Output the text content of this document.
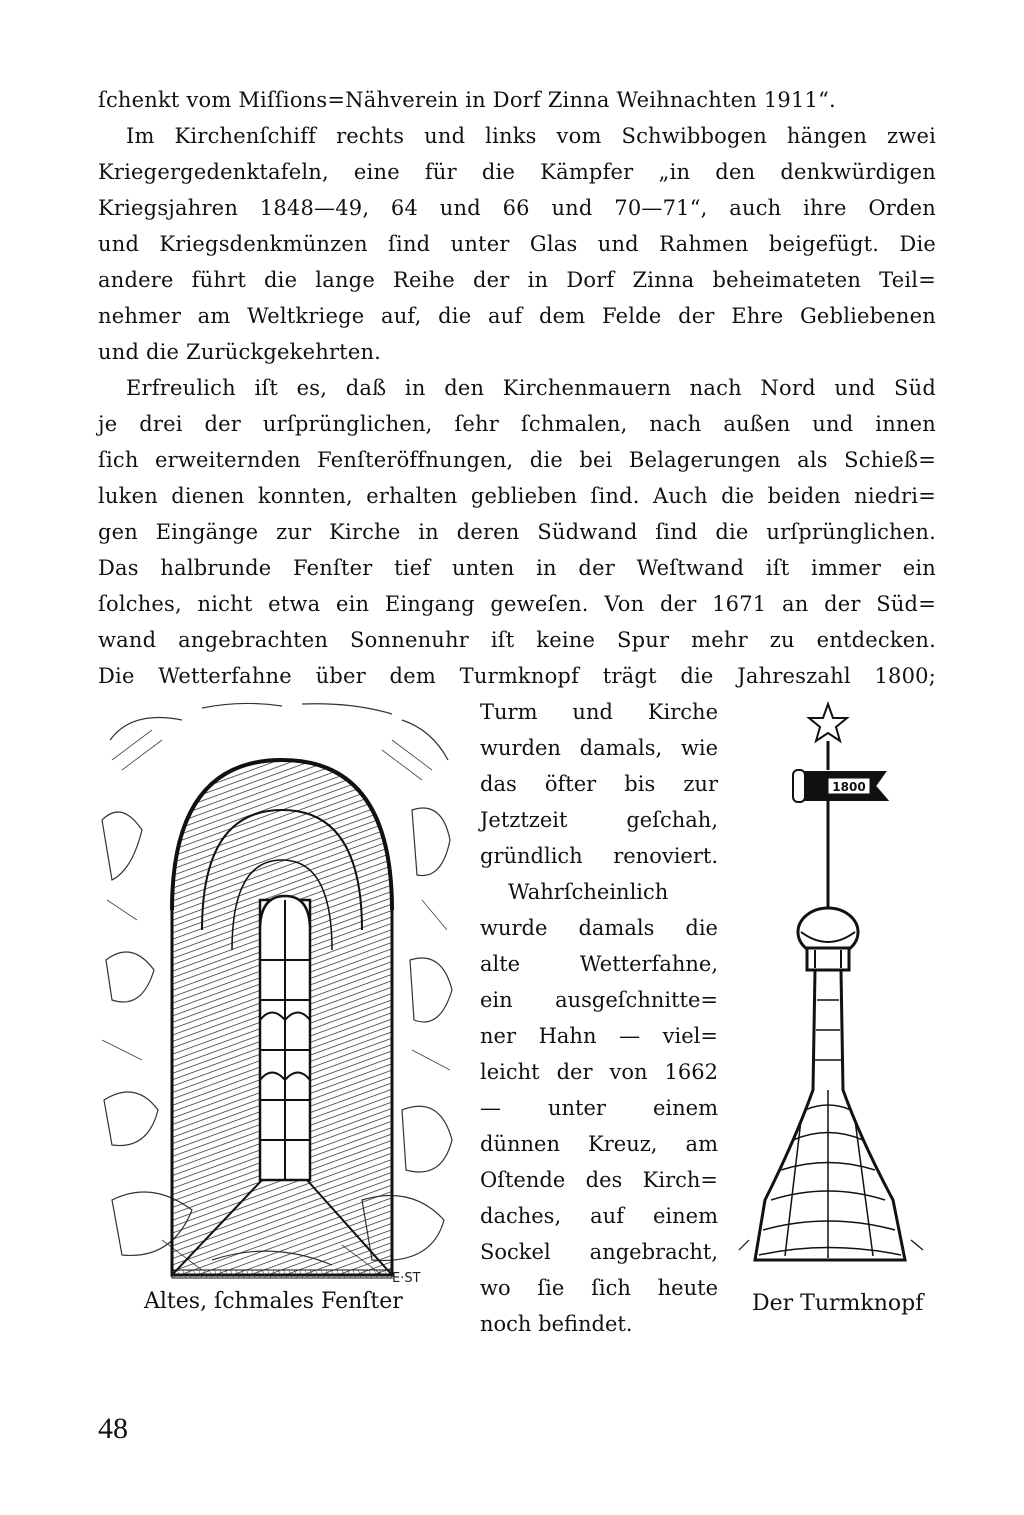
ſchenkt vom Miſſions=Nähverein in Dorf Zinna Weihnachten 1911“.
Im Kirchenſchiff rechts und links vom Schwibbogen hängen zwei
Kriegergedenktafeln, eine für die Kämpfer „in den denkwürdigen
Kriegsjahren 1848—49, 64 und 66 und 70—71“, auch ihre Orden
und Kriegsdenkmünzen ſind unter Glas und Rahmen beigefügt. Die
andere führt die lange Reihe der in Dorf Zinna beheimateten Teil=
nehmer am Weltkriege auf, die auf dem Felde der Ehre Gebliebenen
und die Zurückgekehrten.
Erfreulich iſt es, daß in den Kirchenmauern nach Nord und Süd
je drei der urſprünglichen, ſehr ſchmalen, nach außen und innen
ſich erweiternden Fenſteröffnungen, die bei Belagerungen als Schieß=
luken dienen konnten, erhalten geblieben ſind. Auch die beiden niedri=
gen Eingänge zur Kirche in deren Südwand ſind die urſprünglichen.
Das halbrunde Fenſter tief unten in der Weſtwand iſt immer ein
ſolches, nicht etwa ein Eingang geweſen. Von der 1671 an der Süd=
wand angebrachten Sonnenuhr iſt keine Spur mehr zu entdecken.
Die Wetterfahne über dem Turmknopf trägt die Jahreszahl 1800;
Turm und Kirche
wurden damals, wie
das öfter bis zur
Jetztzeit geſchah,
gründlich renoviert.
Wahrſcheinlich
wurde damals die
alte Wetterfahne,
ein ausgeſchnitte=
ner Hahn — viel=
leicht der von 1662
— unter einem
dünnen Kreuz, am
Oſtende des Kirch=
daches, auf einem
Sockel angebracht,
wo ſie ſich heute
noch befindet.
E·ST
Altes, ſchmales Fenſter
1800
Der Turmknopf
48
